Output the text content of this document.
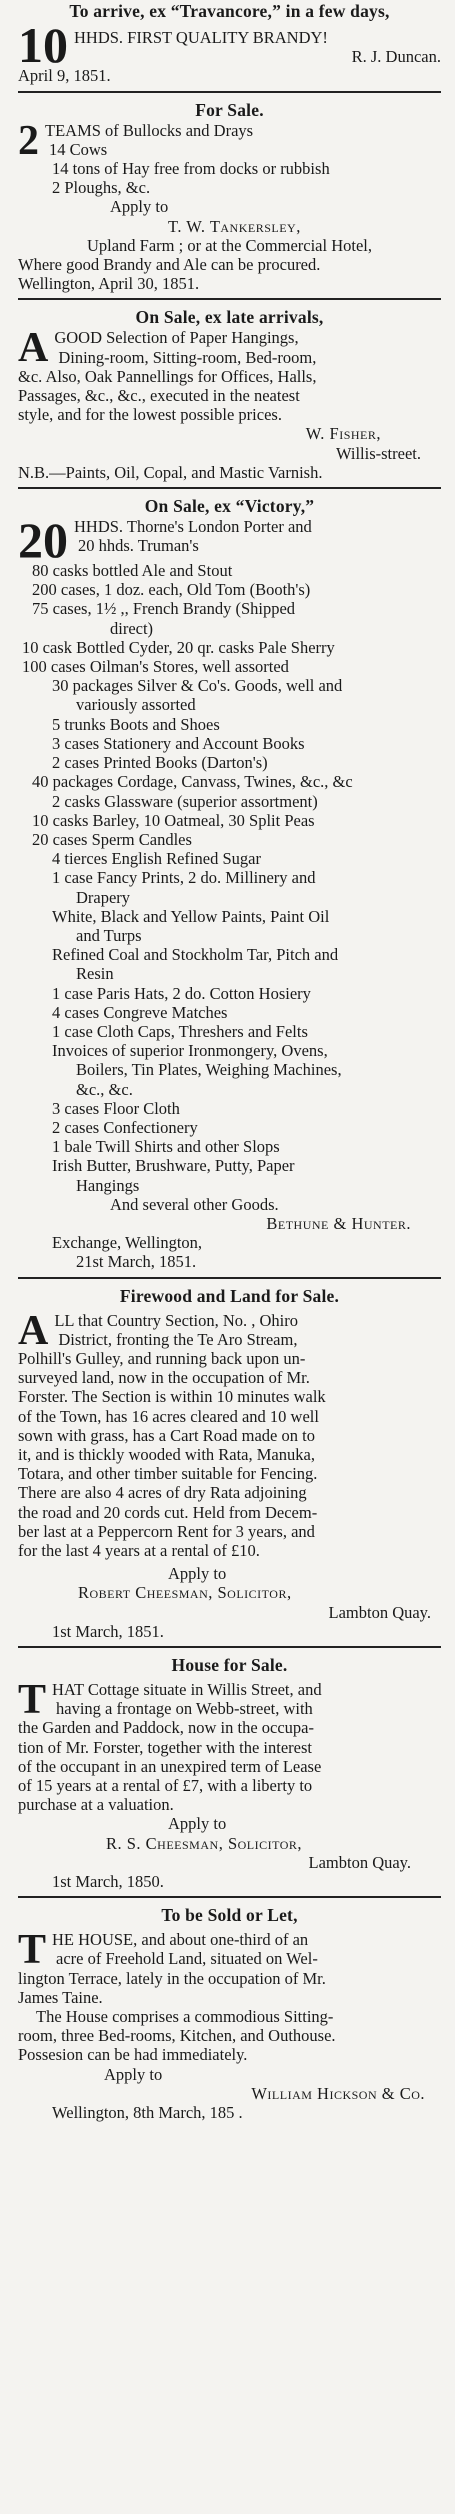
To arrive, ex “Travancore,” in a few days,
10 HHDS. FIRST QUALITY BRANDY!
R. J. Duncan.
April 9, 1851.
For Sale.
2 TEAMS of Bullocks and Drays
14 Cows
14 tons of Hay free from docks or rubbish
2 Ploughs, &c.
Apply to
T. W. Tankersley,
Upland Farm ; or at the Commercial Hotel,
Where good Brandy and Ale can be procured.
Wellington, April 30, 1851.
On Sale, ex late arrivals,
A GOOD Selection of Paper Hangings,
Dining-room, Sitting-room, Bed-room,
&c. Also, Oak Pannellings for Offices, Halls,
Passages, &c., &c., executed in the neatest
style, and for the lowest possible prices.
W. Fisher,
Willis-street.
N.B.—Paints, Oil, Copal, and Mastic Varnish.
On Sale, ex “Victory,”
20 HHDS. Thorne's London Porter and
20 hhds. Truman's
80 casks bottled Ale and Stout
200 cases, 1 doz. each, Old Tom (Booth's)
75 cases, 1½ ,, French Brandy (Shipped
direct)
10 cask Bottled Cyder, 20 qr. casks Pale Sherry
100 cases Oilman's Stores, well assorted
30 packages Silver & Co's. Goods, well and
variously assorted
5 trunks Boots and Shoes
3 cases Stationery and Account Books
2 cases Printed Books (Darton's)
40 packages Cordage, Canvass, Twines, &c., &c
2 casks Glassware (superior assortment)
10 casks Barley, 10 Oatmeal, 30 Split Peas
20 cases Sperm Candles
4 tierces English Refined Sugar
1 case Fancy Prints, 2 do. Millinery and
Drapery
White, Black and Yellow Paints, Paint Oil
and Turps
Refined Coal and Stockholm Tar, Pitch and
Resin
1 case Paris Hats, 2 do. Cotton Hosiery
4 cases Congreve Matches
1 case Cloth Caps, Threshers and Felts
Invoices of superior Ironmongery, Ovens,
Boilers, Tin Plates, Weighing Machines,
&c., &c.
3 cases Floor Cloth
2 cases Confectionery
1 bale Twill Shirts and other Slops
Irish Butter, Brushware, Putty, Paper
Hangings
And several other Goods.
Bethune & Hunter.
Exchange, Wellington,
21st March, 1851.
Firewood and Land for Sale.
A LL that Country Section, No. , Ohiro
District, fronting the Te Aro Stream,
Polhill's Gulley, and running back upon un-
surveyed land, now in the occupation of Mr.
Forster. The Section is within 10 minutes walk
of the Town, has 16 acres cleared and 10 well
sown with grass, has a Cart Road made on to
it, and is thickly wooded with Rata, Manuka,
Totara, and other timber suitable for Fencing.
There are also 4 acres of dry Rata adjoining
the road and 20 cords cut. Held from Decem-
ber last at a Peppercorn Rent for 3 years, and
for the last 4 years at a rental of £10.
Apply to
Robert Cheesman, Solicitor,
Lambton Quay.
1st March, 1851.
House for Sale.
T HAT Cottage situate in Willis Street, and
having a frontage on Webb-street, with
the Garden and Paddock, now in the occupa-
tion of Mr. Forster, together with the interest
of the occupant in an unexpired term of Lease
of 15 years at a rental of £7, with a liberty to
purchase at a valuation.
Apply to
R. S. Cheesman, Solicitor,
Lambton Quay.
1st March, 1850.
To be Sold or Let,
T HE HOUSE, and about one-third of an
acre of Freehold Land, situated on Wel-
lington Terrace, lately in the occupation of Mr.
James Taine.
The House comprises a commodious Sitting-
room, three Bed-rooms, Kitchen, and Outhouse.
Possesion can be had immediately.
Apply to
William Hickson & Co.
Wellington, 8th March, 185 .
